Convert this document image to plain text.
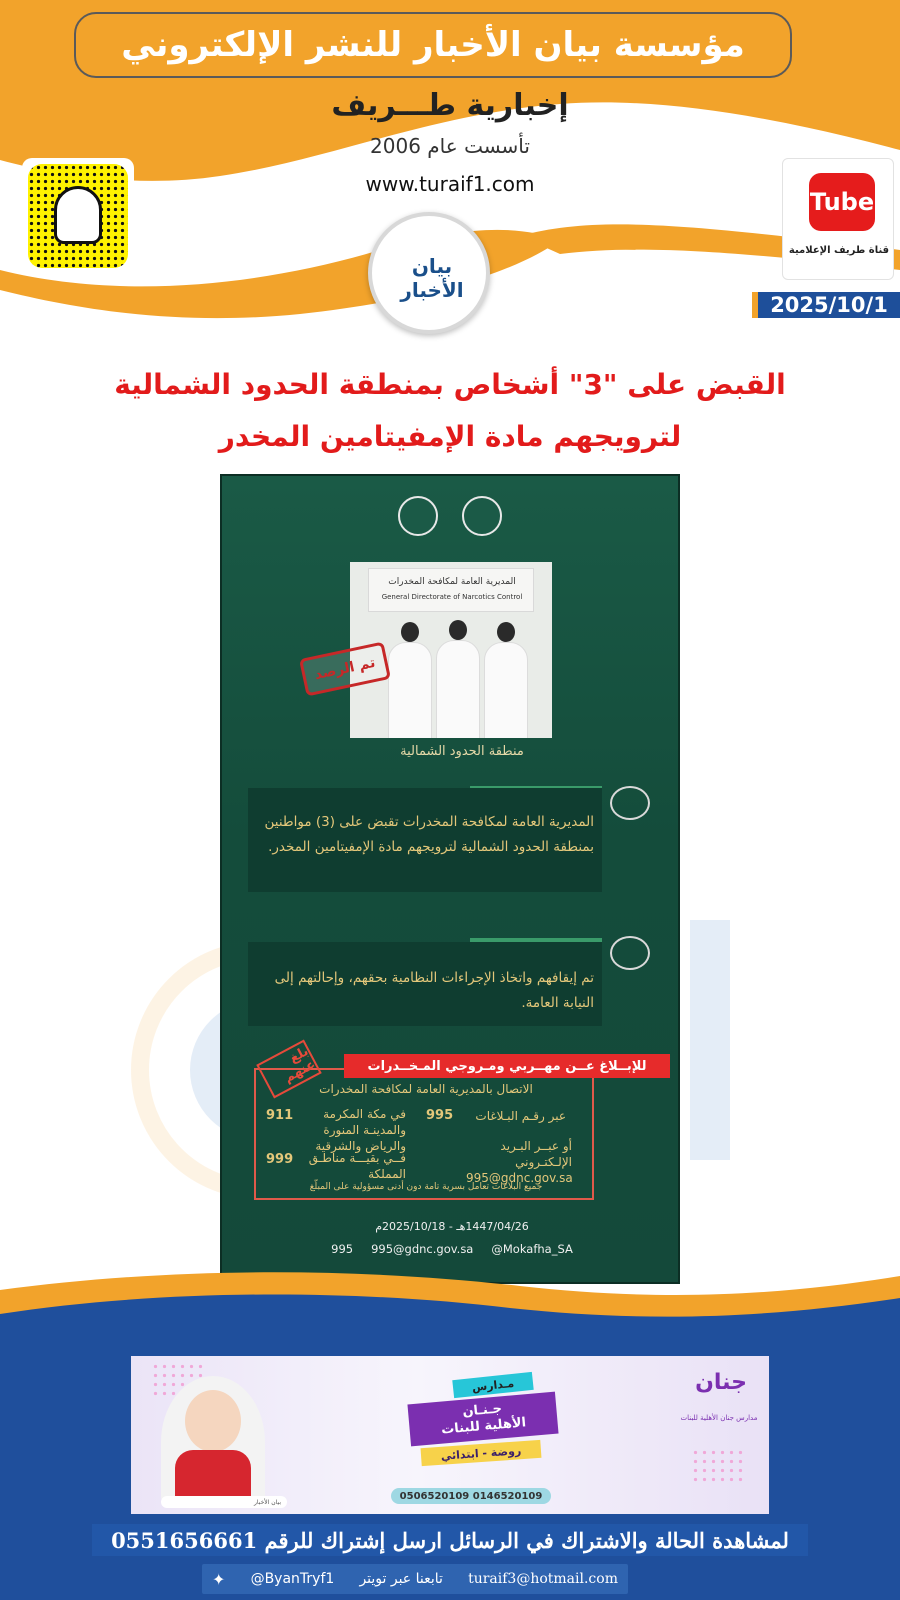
مؤسسة بيان الأخبار للنشر الإلكتروني
إخبارية طـــريف
تأسست عام 2006
www.turaif1.com
Tube
قناة طريف الإعلامية
بيان الأخبار
2025/10/1
القبض على "3" أشخاص بمنطقة الحدود الشمالية
لترويجهم مادة الإمفيتامين المخدر
المديرية العامة لمكافحة المخدرات
General Directorate of Narcotics Control
تم الرصد
منطقة الحدود الشمالية
المديرية العامة لمكافحة المخدرات تقبض على (3) مواطنين بمنطقة الحدود الشمالية لترويجهم مادة الإمفيتامين المخدر.
تم إيقافهم واتخاذ الإجراءات النظامية بحقهم، وإحالتهم إلى النيابة العامة.
الاتصال بالمديرية العامة لمكافحة المخدرات
عبر رقـم البـلاغات
995
أو عبــر البـريد الإلـكتـروني
995@gdnc.gov.sa
في مكة المكرمة والمدينـة المنورة والرياض والشرقية
911
فــي بقيـــة مناطـق المملكة
999
جميع البلاغات تعامل بسرية تامة دون أدنى مسؤولية على المبلّغ
للإبــلاغ عــن مهــربي ومـروجي المـخــدرات
بلغ عنهم
1447/04/26هـ - 2025/10/18م
995 995@gdnc.gov.sa @Mokafha_SA
مـدارس
جـنـان
الأهلية للبنات
روضة - ابتدائي
0506520109 0146520109
جنان
مدارس جنان الأهلية للبنات
بيان الأخبار
لمشاهدة الحالة والاشتراك في الرسائل ارسل إشتراك للرقم 0551656661
✦ @ByanTryf1 تابعنا عبر تويتر turaif3@hotmail.com
